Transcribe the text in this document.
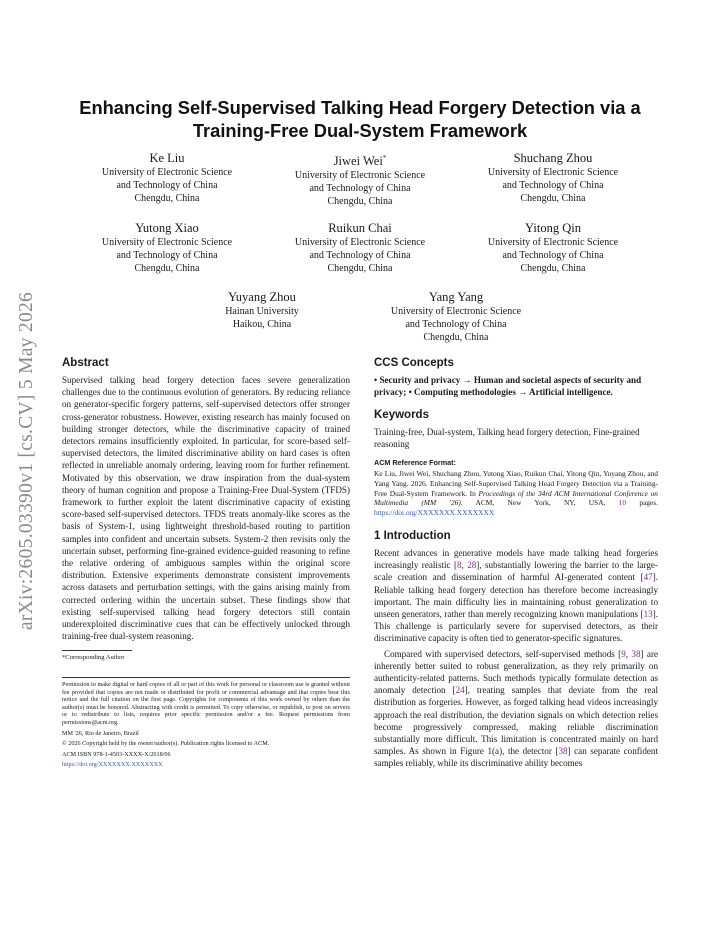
arXiv:2605.03390v1 [cs.CV] 5 May 2026
Enhancing Self-Supervised Talking Head Forgery Detection via a
Training-Free Dual-System Framework
Ke Liu
University of Electronic Science
and Technology of China
Chengdu, China
Jiwei Wei*
University of Electronic Science
and Technology of China
Chengdu, China
Shuchang Zhou
University of Electronic Science
and Technology of China
Chengdu, China
Yutong Xiao
University of Electronic Science
and Technology of China
Chengdu, China
Ruikun Chai
University of Electronic Science
and Technology of China
Chengdu, China
Yitong Qin
University of Electronic Science
and Technology of China
Chengdu, China
Yuyang Zhou
Hainan University
Haikou, China
Yang Yang
University of Electronic Science
and Technology of China
Chengdu, China
Abstract

Supervised talking head forgery detection faces severe generalization challenges due to the continuous evolution of generators. By reducing reliance on generator-specific forgery patterns, self-supervised detectors offer stronger cross-generator robustness. However, existing research has mainly focused on building stronger detectors, while the discriminative capacity of trained detectors remains insufficiently exploited. In particular, for score-based self-supervised detectors, the limited discriminative ability on hard cases is often reflected in unreliable anomaly ordering, leaving room for further refinement. Motivated by this observation, we draw inspiration from the dual-system theory of human cognition and propose a Training-Free Dual-System (TFDS) framework to further exploit the latent discriminative capacity of existing score-based self-supervised detectors. TFDS treats anomaly-like scores as the basis of System-1, using lightweight threshold-based routing to partition samples into confident and uncertain subsets. System-2 then revisits only the uncertain subset, performing fine-grained evidence-guided reasoning to refine the relative ordering of ambiguous samples within the original score distribution. Extensive experiments demonstrate consistent improvements across datasets and perturbation settings, with the gains arising mainly from corrected ordering within the uncertain subset. These findings show that existing self-supervised talking head forgery detectors still contain underexploited discriminative cues that can be effectively unlocked through training-free dual-system reasoning.

*Corresponding Author

Permission to make digital or hard copies of all or part of this work for personal or classroom use is granted without fee provided that copies are not made or distributed for profit or commercial advantage and that copies bear this notice and the full citation on the first page. Copyrights for components of this work owned by others than the author(s) must be honored. Abstracting with credit is permitted. To copy otherwise, or republish, to post on servers or to redistribute to lists, requires prior specific permission and/or a fee. Request permissions from permissions@acm.org.

MM '26, Rio de Janeiro, Brazil

© 2026 Copyright held by the owner/author(s). Publication rights licensed to ACM.

ACM ISBN 978-1-4503-XXXX-X/2018/06

https://doi.org/XXXXXXX.XXXXXXX

CCS Concepts

• Security and privacy → Human and societal aspects of security and privacy; • Computing methodologies → Artificial intelligence.

Keywords

Training-free, Dual-system, Talking head forgery detection, Fine-grained reasoning

ACM Reference Format:

Ke Liu, Jiwei Wei, Shuchang Zhou, Yutong Xiao, Ruikun Chai, Yitong Qin, Yuyang Zhou, and Yang Yang. 2026. Enhancing Self-Supervised Talking Head Forgery Detection via a Training-Free Dual-System Framework. In Proceedings of the 34rd ACM International Conference on Multimedia (MM '26). ACM, New York, NY, USA, 10 pages. https://doi.org/XXXXXXX.XXXXXXX

1 Introduction

Recent advances in generative models have made talking head forgeries increasingly realistic [8, 28], substantially lowering the barrier to the large-scale creation and dissemination of harmful AI-generated content [47]. Reliable talking head forgery detection has therefore become increasingly important. The main difficulty lies in maintaining robust generalization to unseen generators, rather than merely recognizing known manipulations [13]. This challenge is particularly severe for supervised detectors, as their discriminative capacity is often tied to generator-specific signatures.

Compared with supervised detectors, self-supervised methods [9, 38] are inherently better suited to robust generalization, as they rely primarily on authenticity-related patterns. Such methods typically formulate detection as anomaly detection [24], treating samples that deviate from the real distribution as forgeries. However, as forged talking head videos increasingly approach the real distribution, the deviation signals on which detection relies become progressively compressed, making reliable discrimination substantially more difficult. This limitation is concentrated mainly on hard samples. As shown in Figure 1(a), the detector [38] can separate confident samples reliably, while its discriminative ability becomes
